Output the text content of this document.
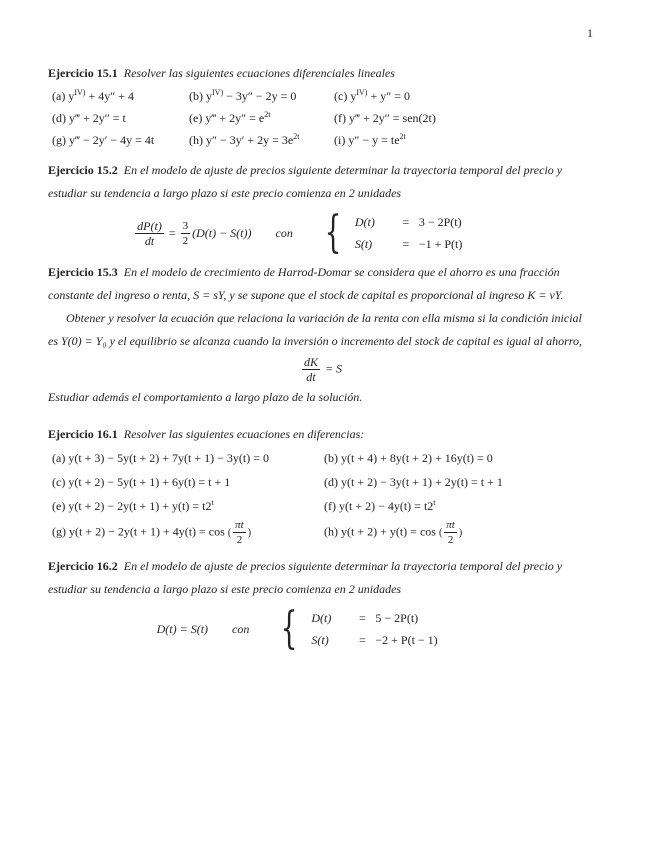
1
Ejercicio 15.1 Resolver las siguientes ecuaciones diferenciales lineales
(a) $y^{IV)} + 4y'' + 4$	(b) $y^{IV)} - 3y'' - 2y = 0$	(c) $y^{IV)} + y'' = 0$
(d) y‴ + 2y″ = t	(e) y‴ + $2y'' = e^{2t}$	(f) y‴ + 2y″ = sen(2t)
(g) y‴ − 2y′ − 4y = 4t	(h) $y'' - 3y' + 2y = 3e^{2t}$	(i) $y'' - y = te^{2t}$
Ejercicio 15.2 En el modelo de ajuste de precios siguiente determinar la trayectoria temporal del precio y estudiar su tendencia a largo plazo si este precio comienza en 2 unidades
$\frac{dP(t)}{dt} = \frac{3}{2} (D(t) - S(t))$ con { D(t)	= 3 − 2P(t)
S(t)	= −1 + P(t)
Ejercicio 15.3 En el modelo de crecimiento de Harrod-Domar se considera que el ahorro es una fracción constante del ingreso o renta, S = sY, y se supone que el stock de capital es proporcional al ingreso K = vY.
Obtener y resolver la ecuación que relaciona la variación de la renta con ella misma si la condición inicial es Y(0) = Y₀ y el equilibrio se alcanza cuando la inversión o incremento del stock de capital es igual al ahorro,
$\frac{dK}{dt} = S$
Estudiar además el comportamiento a largo plazo de la solución.
Ejercicio 16.1 Resolver las siguientes ecuaciones en diferencias:
(a) y(t + 3) − 5y(t + 2) + 7y(t + 1) − 3y(t) = 0	(b) y(t + 4) + 8y(t + 2) + 16y(t) = 0
(c) y(t + 2) − 5y(t + 1) + 6y(t) = t + 1	(d) y(t + 2) − 3y(t + 1) + 2y(t) = t + 1
(e) $y(t + 2) - 2y(t + 1) + y(t) = t2^t$	(f) $y(t + 2) - 4y(t) = t2^t$
(g) y(t + 2) − 2y(t + 1) + 4y(t) = cos ( $\frac{\pi t}{2}$ )	(h) y(t + 2) + y(t) = cos ( $\frac{\pi t}{2}$ )
Ejercicio 16.2 En el modelo de ajuste de precios siguiente determinar la trayectoria temporal del precio y estudiar su tendencia a largo plazo si este precio comienza en 2 unidades
D(t) = S(t) con { D(t)	= 5 − 2P(t)
S(t)	= −2 + P(t − 1)
